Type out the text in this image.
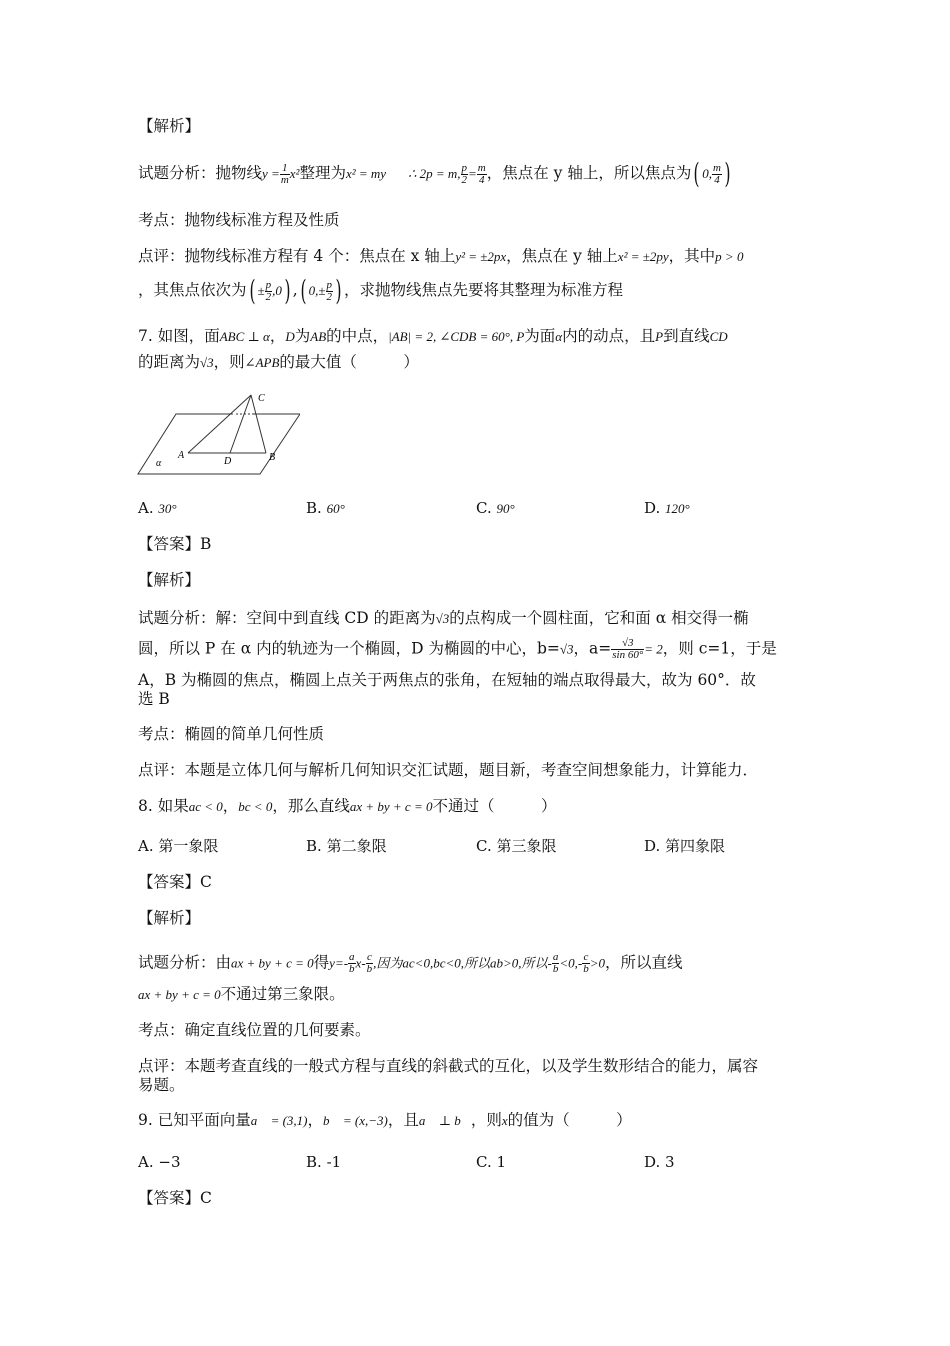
【解析】
试题分析：抛物线$y = \frac{1}{m} x^2$整理为x² = my ∴ 2p = m, $\frac{p}{2} = \frac{m}{4}$ ，焦点在 y 轴上，所以焦点为( 0, $\frac{m}{4}$ )
考点：抛物线标准方程及性质
点评：抛物线标准方程有 4 个：焦点在 x 轴上y² = ±2px，焦点在 y 轴上x² = ±2py，其中p > 0
，其焦点依次为( ± $\frac{p}{2} ,0$) ,( $0,\pm \frac{p}{2}$ ) ，求抛物线焦点先要将其整理为标准方程
7. 如图，面ABC ⊥ α，D为AB的中点，|AB| = 2, ∠CDB = 60°, P为面α内的动点，且P到直线CD
的距离为√3，则∠APB的最大值（　　　）
C
A
D	B
α
A. 30°	B. 60°	C. 90°	D. 120°
【答案】B
【解析】
试题分析：解：空间中到直线 CD 的距离为√3的点构成一个圆柱面，它和面 α 相交得一椭
圆，所以 P 在 α 内的轨迹为一个椭圆，D 为椭圆的中心，b=√3，$a= \frac{√3}{\sin 60^\circ} = 2$，则 c=1，于是
A，B 为椭圆的焦点，椭圆上点关于两焦点的张角，在短轴的端点取得最大，故为 60°．故
选 B
考点：椭圆的简单几何性质
点评：本题是立体几何与解析几何知识交汇试题，题目新，考查空间想象能力，计算能力．
8. 如果ac < 0，bc < 0，那么直线ax + by + c = 0不通过（　　　）
A. 第一象限	B. 第二象限	C. 第三象限	D. 第四象限
【答案】C
【解析】
试题分析：由ax + by + c = 0得$y=- \frac{a}{b} x- \frac{c}{b}$ ,因为ac<0,bc<0,所以ab>0,所以- $\frac{a}{b} <0,- \frac{c}{b} >0$，所以直线
ax + by + c = 0不通过第三象限。
考点：确定直线位置的几何要素。
点评：本题考查直线的一般式方程与直线的斜截式的互化，以及学生数形结合的能力，属容
易题。
9. 已知平面向量a⃗ = (3,1)，b⃗ = (x,−3)，且a⃗ ⊥ b⃗，则x的值为（　　　）
A. −3	B. -1	C. 1	D. 3
【答案】C
